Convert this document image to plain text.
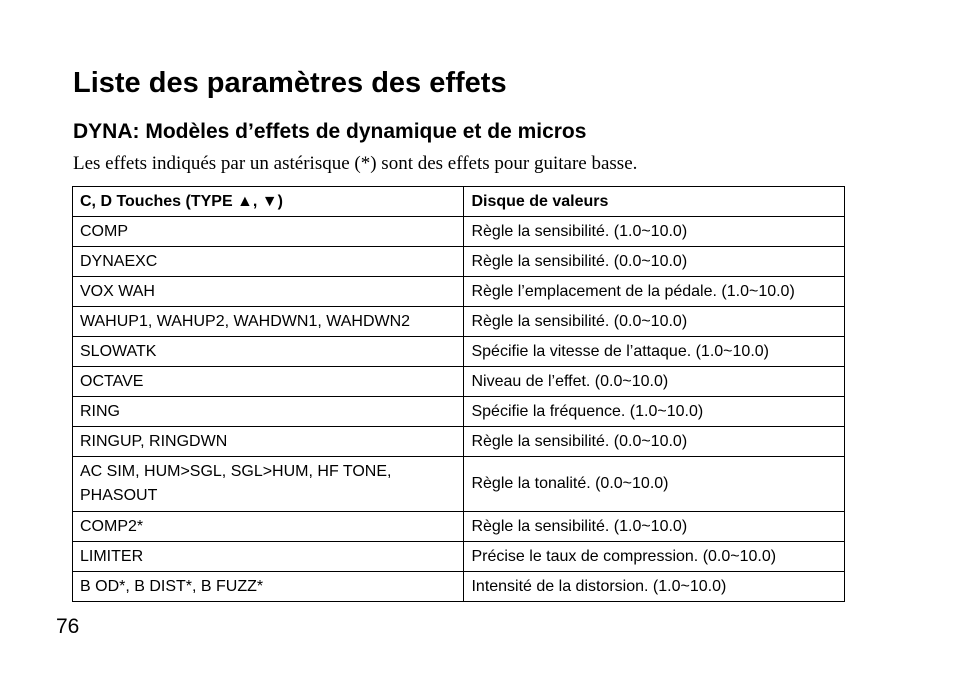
Liste des paramètres des effets
DYNA: Modèles d’effets de dynamique et de micros
Les effets indiqués par un astérisque (*) sont des effets pour guitare basse.
C, D Touches (TYPE ▲, ▼)	Disque de valeurs
COMP	Règle la sensibilité. (1.0~10.0)
DYNAEXC	Règle la sensibilité. (0.0~10.0)
VOX WAH	Règle l’emplacement de la pédale. (1.0~10.0)
WAHUP1, WAHUP2, WAHDWN1, WAHDWN2	Règle la sensibilité. (0.0~10.0)
SLOWATK	Spécifie la vitesse de l’attaque. (1.0~10.0)
OCTAVE	Niveau de l’effet. (0.0~10.0)
RING	Spécifie la fréquence. (1.0~10.0)
RINGUP, RINGDWN	Règle la sensibilité. (0.0~10.0)
AC SIM, HUM>SGL, SGL>HUM, HF TONE, PHASOUT	Règle la tonalité. (0.0~10.0)
COMP2*	Règle la sensibilité. (1.0~10.0)
LIMITER	Précise le taux de compression. (0.0~10.0)
B OD*, B DIST*, B FUZZ*	Intensité de la distorsion. (1.0~10.0)
76
